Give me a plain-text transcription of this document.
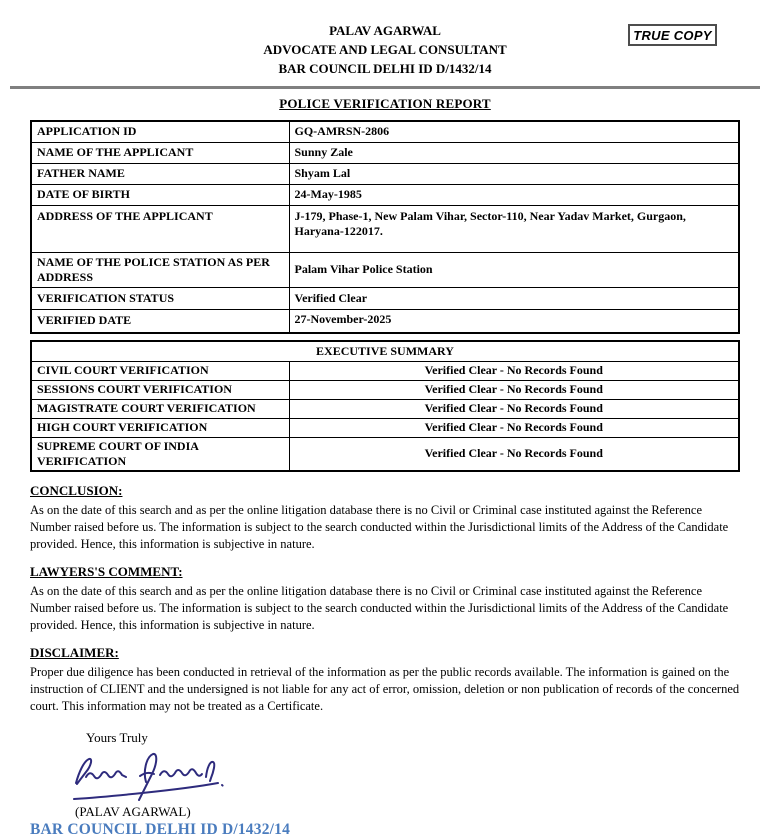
PALAV AGARWAL
ADVOCATE AND LEGAL CONSULTANT
BAR COUNCIL DELHI ID D/1432/14
TRUE COPY
POLICE VERIFICATION REPORT
APPLICATION ID	GQ-AMRSN-2806
NAME OF THE APPLICANT	Sunny Zale
FATHER NAME	Shyam Lal
DATE OF BIRTH	24-May-1985
ADDRESS OF THE APPLICANT	J-179, Phase-1, New Palam Vihar, Sector-110, Near Yadav Market, Gurgaon, Haryana-122017.
NAME OF THE POLICE STATION AS PER ADDRESS	Palam Vihar Police Station
VERIFICATION STATUS	Verified Clear
VERIFIED DATE	27-November-2025
EXECUTIVE SUMMARY	
CIVIL COURT VERIFICATION	Verified Clear - No Records Found
SESSIONS COURT VERIFICATION	Verified Clear - No Records Found
MAGISTRATE COURT VERIFICATION	Verified Clear - No Records Found
HIGH COURT VERIFICATION	Verified Clear - No Records Found
SUPREME COURT OF INDIA VERIFICATION	Verified Clear - No Records Found
CONCLUSION:

As on the date of this search and as per the online litigation database there is no Civil or Criminal case instituted against the Reference Number raised before us. The information is subject to the search conducted within the Jurisdictional limits of the Address of the Candidate provided. Hence, this information is subjective in nature.

LAWYERS'S COMMENT:

As on the date of this search and as per the online litigation database there is no Civil or Criminal case instituted against the Reference Number raised before us. The information is subject to the search conducted within the Jurisdictional limits of the Address of the Candidate provided. Hence, this information is subjective in nature.

DISCLAIMER:

Proper due diligence has been conducted in retrieval of the information as per the public records available. The information is gained on the instruction of CLIENT and the undersigned is not liable for any act of error, omission, deletion or non publication of records of the concerned court. This information may not be treated as a Certificate.

Yours Truly
(PALAV AGARWAL)
BAR COUNCIL DELHI ID D/1432/14
